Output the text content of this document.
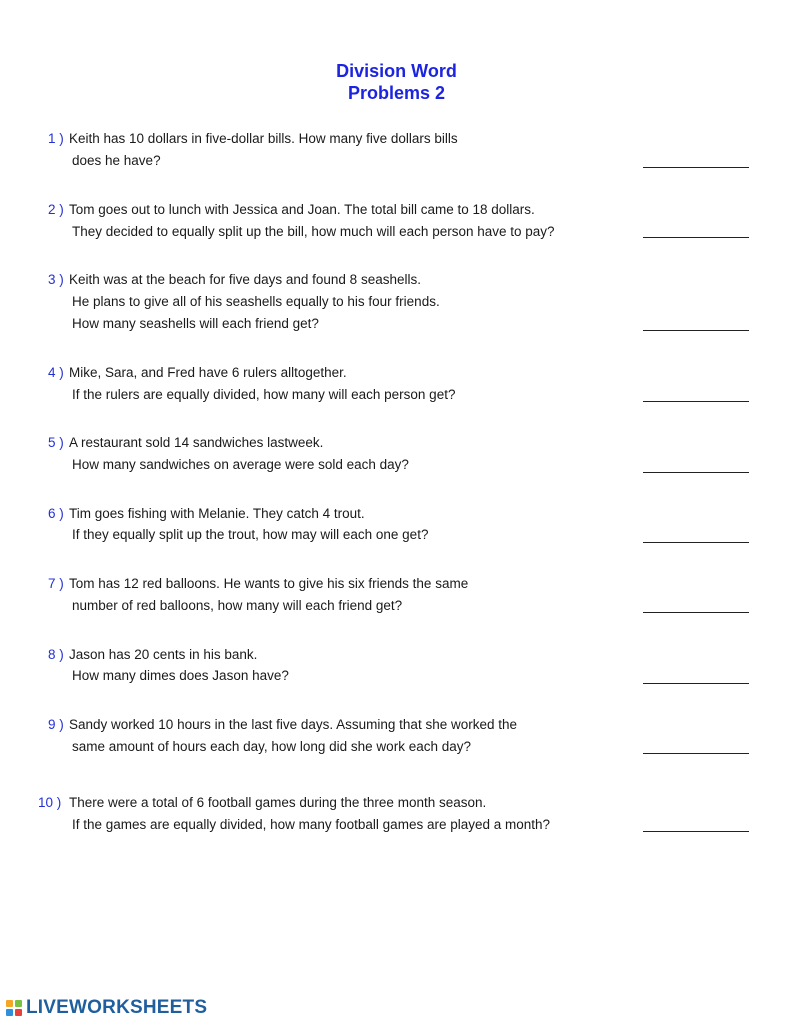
Division Word
Problems 2
1 ) Keith has 10 dollars in five-dollar bills. How many five dollars bills
does he have?
2 ) Tom goes out to lunch with Jessica and Joan. The total bill came to 18 dollars.
They decided to equally split up the bill, how much will each person have to pay?
3 ) Keith was at the beach for five days and found 8 seashells.
He plans to give all of his seashells equally to his four friends.
How many seashells will each friend get?
4 ) Mike, Sara, and Fred have 6 rulers alltogether.
If the rulers are equally divided, how many will each person get?
5 ) A restaurant sold 14 sandwiches lastweek.
How many sandwiches on average were sold each day?
6 ) Tim goes fishing with Melanie. They catch 4 trout.
If they equally split up the trout, how may will each one get?
7 ) Tom has 12 red balloons. He wants to give his six friends the same
number of red balloons, how many will each friend get?
8 ) Jason has 20 cents in his bank.
How many dimes does Jason have?
9 ) Sandy worked 10 hours in the last five days. Assuming that she worked the
same amount of hours each day, how long did she work each day?
10 ) There were a total of 6 football games during the three month season.
If the games are equally divided, how many football games are played a month?
LIVEWORKSHEETS
